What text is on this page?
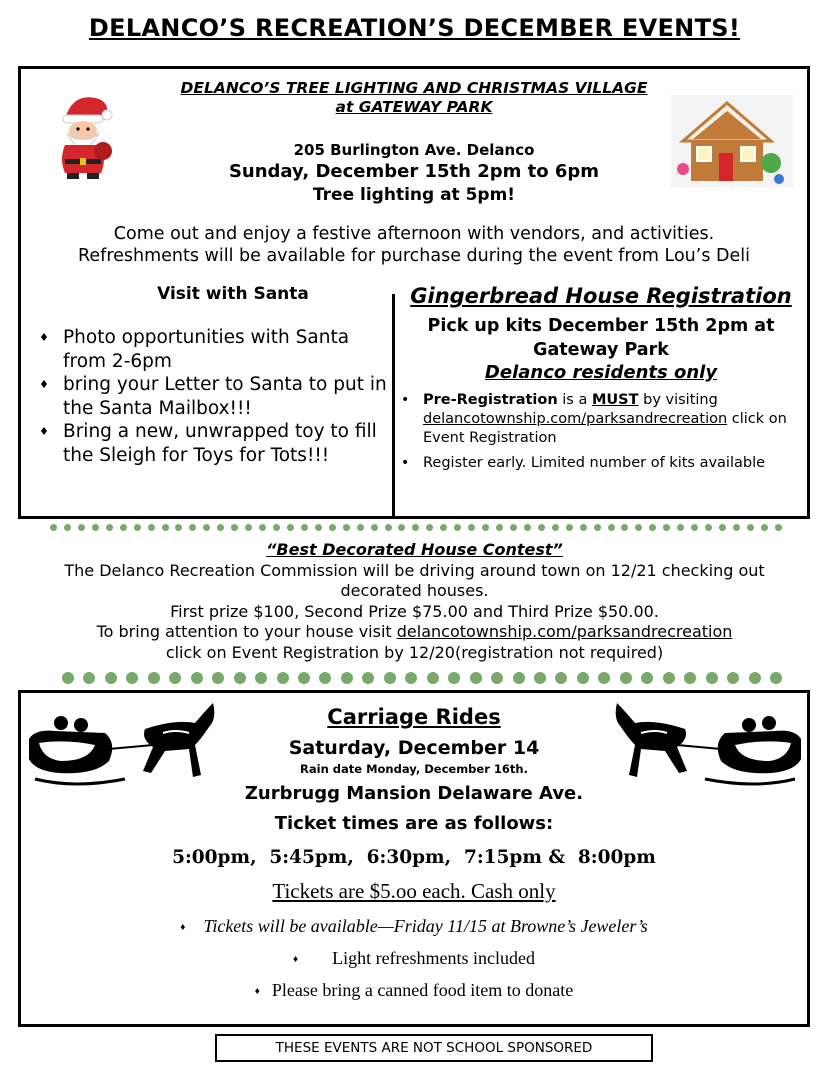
DELANCO’S RECREATION’S DECEMBER EVENTS!
DELANCO’S TREE LIGHTING AND CHRISTMAS VILLAGE
at GATEWAY PARK
205 Burlington Ave. Delanco
Sunday, December 15th 2pm to 6pm
Tree lighting at 5pm!
Come out and enjoy a festive afternoon with vendors, and activities.
Refreshments will be available for purchase during the event from Lou’s Deli
Visit with Santa
♦ Photo opportunities with Santa from 2-6pm
♦ bring your Letter to Santa to put in the Santa Mailbox!!!
♦ Bring a new, unwrapped toy to fill the Sleigh for Toys for Tots!!!
Gingerbread House Registration
Pick up kits December 15th 2pm at Gateway Park
Delanco residents only
• Pre-Registration is a MUST by visiting delancotownship.com/parksandrecreation click on Event Registration
• Register early. Limited number of kits available
“Best Decorated House Contest”
The Delanco Recreation Commission will be driving around town on 12/21 checking out decorated houses.
First prize $100, Second Prize $75.00 and Third Prize $50.00.
To bring attention to your house visit delancotownship.com/parksandrecreation
click on Event Registration by 12/20(registration not required)
Carriage Rides
Saturday, December 14
Rain date Monday, December 16th.
Zurbrugg Mansion Delaware Ave.
Ticket times are as follows:
5:00pm,  5:45pm,  6:30pm,  7:15pm &  8:00pm
Tickets are $5.oo each. Cash only
♦ Tickets will be available—Friday 11/15 at Browne’s Jeweler’s
♦ Light refreshments included
♦ Please bring a canned food item to donate
THESE EVENTS ARE NOT SCHOOL SPONSORED
